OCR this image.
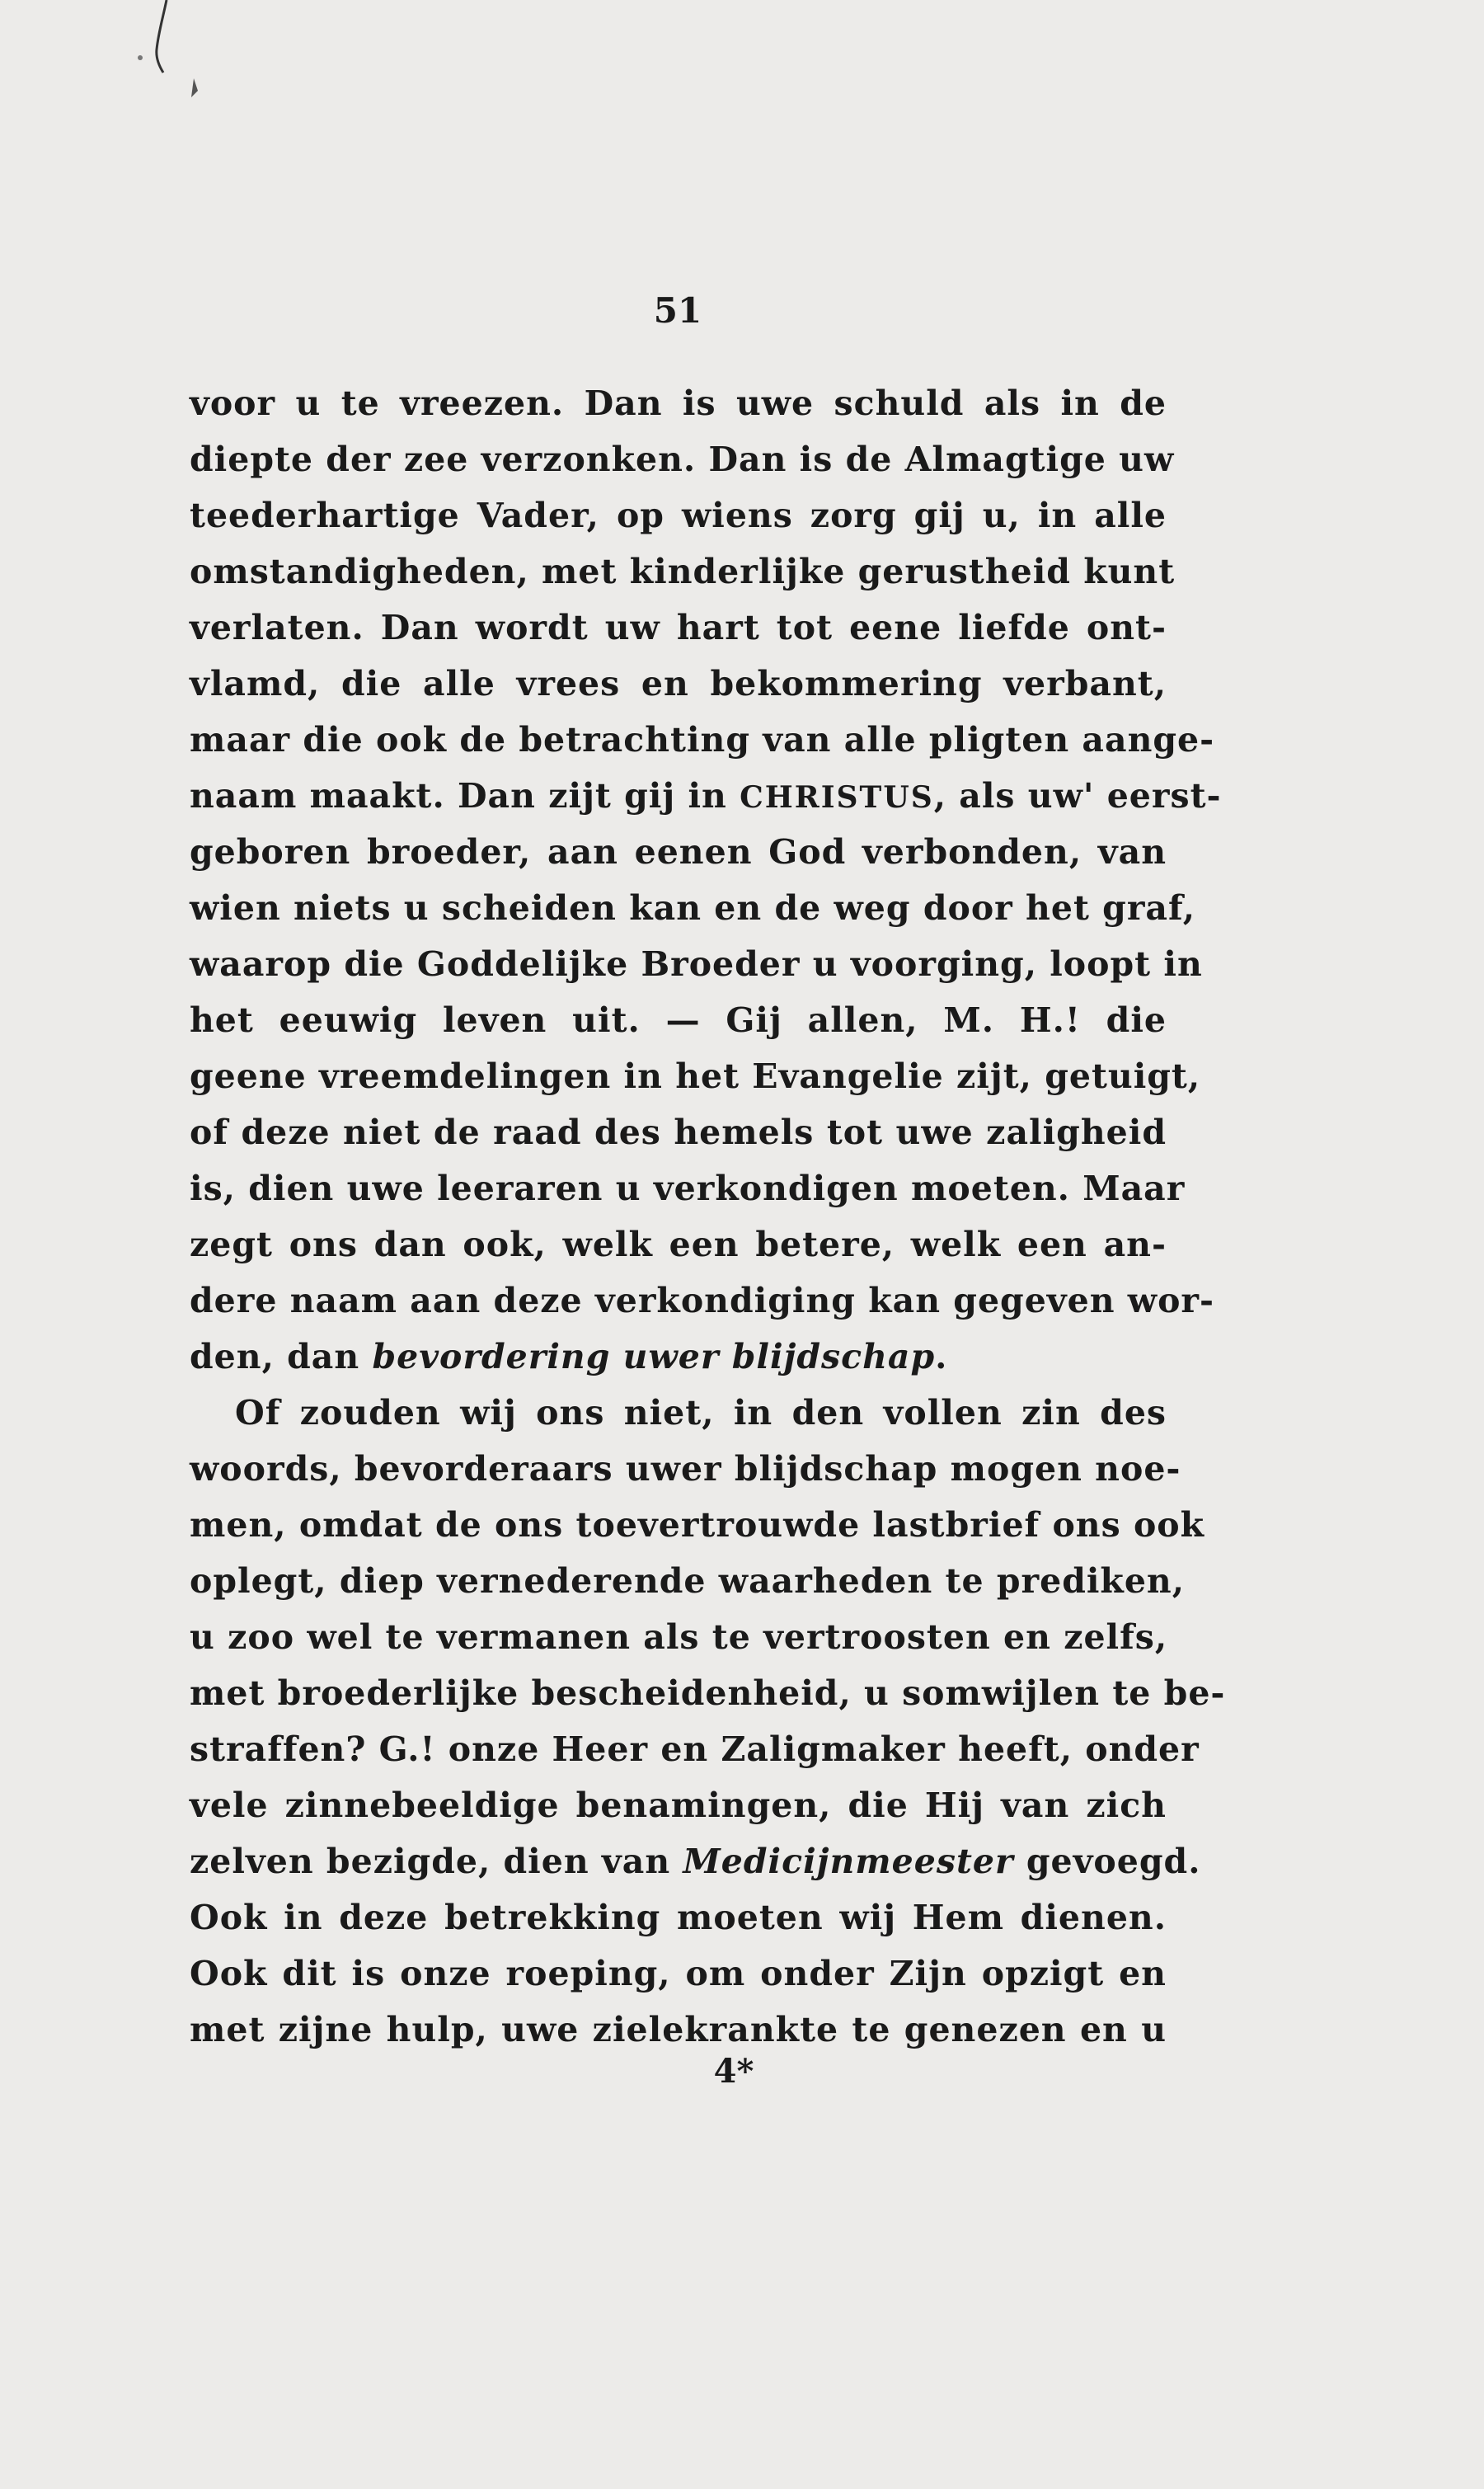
51
voor u te vreezen. Dan is uwe schuld als in de
diepte der zee verzonken. Dan is de Almagtige uw
teederhartige Vader, op wiens zorg gij u, in alle
omstandigheden, met kinderlijke gerustheid kunt
verlaten. Dan wordt uw hart tot eene liefde ont-
vlamd, die alle vrees en bekommering verbant,
maar die ook de betrachting van alle pligten aange-
naam maakt. Dan zijt gij in CHRISTUS, als uw' eerst-
geboren broeder, aan eenen God verbonden, van
wien niets u scheiden kan en de weg door het graf,
waarop die Goddelijke Broeder u voorging, loopt in
het eeuwig leven uit. — Gij allen, M. H.! die
geene vreemdelingen in het Evangelie zijt, getuigt,
of deze niet de raad des hemels tot uwe zaligheid
is, dien uwe leeraren u verkondigen moeten. Maar
zegt ons dan ook, welk een betere, welk een an-
dere naam aan deze verkondiging kan gegeven wor-
den, dan bevordering uwer blijdschap.
Of zouden wij ons niet, in den vollen zin des
woords, bevorderaars uwer blijdschap mogen noe-
men, omdat de ons toevertrouwde lastbrief ons ook
oplegt, diep vernederende waarheden te prediken,
u zoo wel te vermanen als te vertroosten en zelfs,
met broederlijke bescheidenheid, u somwijlen te be-
straffen? G.! onze Heer en Zaligmaker heeft, onder
vele zinnebeeldige benamingen, die Hij van zich
zelven bezigde, dien van Medicijnmeester gevoegd.
Ook in deze betrekking moeten wij Hem dienen.
Ook dit is onze roeping, om onder Zijn opzigt en
met zijne hulp, uwe zielekrankte te genezen en u
4*
